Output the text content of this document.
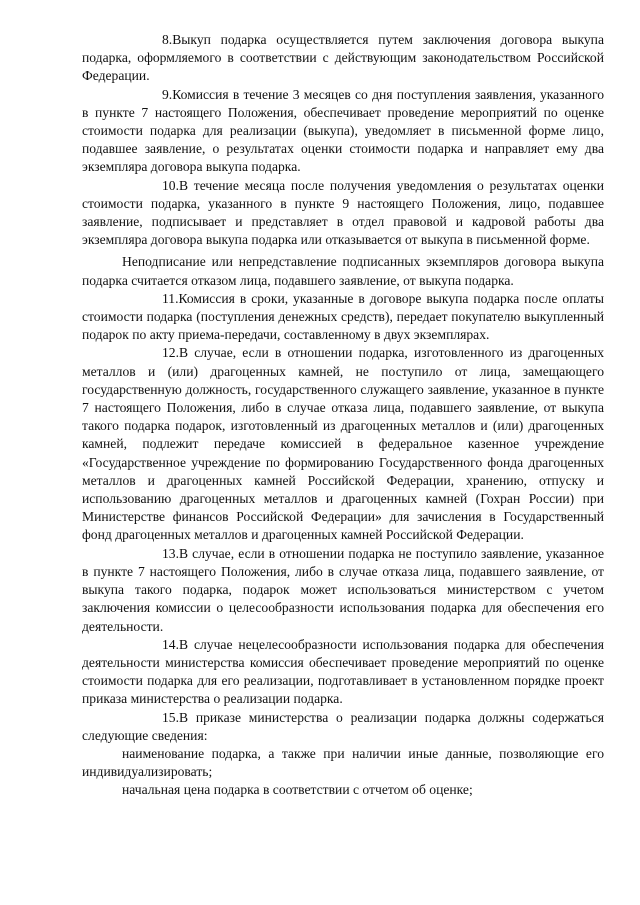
8.Выкуп подарка осуществляется путем заключения договора выкупа подарка, оформляемого в соответствии с действующим законодательством Российской Федерации.

9.Комиссия в течение 3 месяцев со дня поступления заявления, указанного в пункте 7 настоящего Положения, обеспечивает проведение мероприятий по оценке стоимости подарка для реализации (выкупа), уведомляет в письменной форме лицо, подавшее заявление, о результатах оценки стоимости подарка и направляет ему два экземпляра договора выкупа подарка.

10.В течение месяца после получения уведомления о результатах оценки стоимости подарка, указанного в пункте 9 настоящего Положения, лицо, подавшее заявление, подписывает и представляет в отдел правовой и кадровой работы два экземпляра договора выкупа подарка или отказывается от выкупа в письменной форме.

Неподписание или непредставление подписанных экземпляров договора выкупа подарка считается отказом лица, подавшего заявление, от выкупа подарка.

11.Комиссия в сроки, указанные в договоре выкупа подарка после оплаты стоимости подарка (поступления денежных средств), передает покупателю выкупленный подарок по акту приема-передачи, составленному в двух экземплярах.

12.В случае, если в отношении подарка, изготовленного из драгоценных металлов и (или) драгоценных камней, не поступило от лица, замещающего государственную должность, государственного служащего заявление, указанное в пункте 7 настоящего Положения, либо в случае отказа лица, подавшего заявление, от выкупа такого подарка подарок, изготовленный из драгоценных металлов и (или) драгоценных камней, подлежит передаче комиссией в федеральное казенное учреждение «Государственное учреждение по формированию Государственного фонда драгоценных металлов и драгоценных камней Российской Федерации, хранению, отпуску и использованию драгоценных металлов и драгоценных камней (Гохран России) при Министерстве финансов Российской Федерации» для зачисления в Государственный фонд драгоценных металлов и драгоценных камней Российской Федерации.

13.В случае, если в отношении подарка не поступило заявление, указанное в пункте 7 настоящего Положения, либо в случае отказа лица, подавшего заявление, от выкупа такого подарка, подарок может использоваться министерством с учетом заключения комиссии о целесообразности использования подарка для обеспечения его деятельности.

14.В случае нецелесообразности использования подарка для обеспечения деятельности министерства комиссия обеспечивает проведение мероприятий по оценке стоимости подарка для его реализации, подготавливает в установленном порядке проект приказа министерства о реализации подарка.

15.В приказе министерства о реализации подарка должны содержаться следующие сведения:

наименование подарка, а также при наличии иные данные, позволяющие его индивидуализировать;

начальная цена подарка в соответствии с отчетом об оценке;
